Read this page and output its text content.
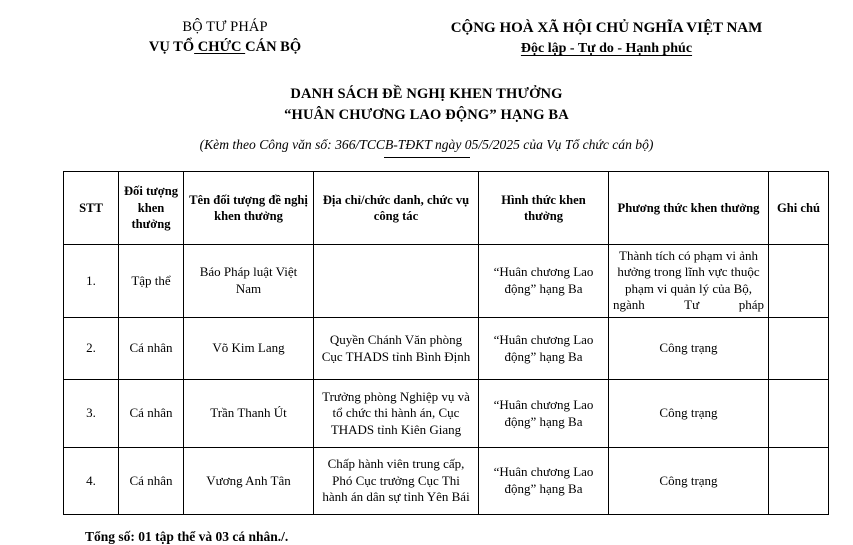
BỘ TƯ PHÁP
VỤ TỔ CHỨC CÁN BỘ
CỘNG HOÀ XÃ HỘI CHỦ NGHĨA VIỆT NAM
Độc lập - Tự do - Hạnh phúc
DANH SÁCH ĐỀ NGHỊ KHEN THƯỞNG
“HUÂN CHƯƠNG LAO ĐỘNG” HẠNG BA
(Kèm theo Công văn số: 366/TCCB-TĐKT ngày 05/5/2025 của Vụ Tổ chức cán bộ)
STT	Đối tượng khen thưởng	Tên đối tượng đề nghị khen thưởng	Địa chỉ/chức danh, chức vụ công tác	Hình thức khen thưởng	Phương thức khen thưởng	Ghi chú
1.	Tập thể	Báo Pháp luật Việt Nam		“Huân chương Lao động” hạng Ba	Thành tích có phạm vi ảnh hưởng trong lĩnh vực thuộc phạm vi quản lý của Bộ, ngành Tư pháp	
2.	Cá nhân	Võ Kim Lang	Quyền Chánh Văn phòng Cục THADS tỉnh Bình Định	“Huân chương Lao động” hạng Ba	Công trạng	
3.	Cá nhân	Trần Thanh Út	Trưởng phòng Nghiệp vụ và tổ chức thi hành án, Cục THADS tỉnh Kiên Giang	“Huân chương Lao động” hạng Ba	Công trạng	
4.	Cá nhân	Vương Anh Tân	Chấp hành viên trung cấp, Phó Cục trưởng Cục Thi hành án dân sự tỉnh Yên Bái	“Huân chương Lao động” hạng Ba	Công trạng	
Tổng số: 01 tập thể và 03 cá nhân./.
